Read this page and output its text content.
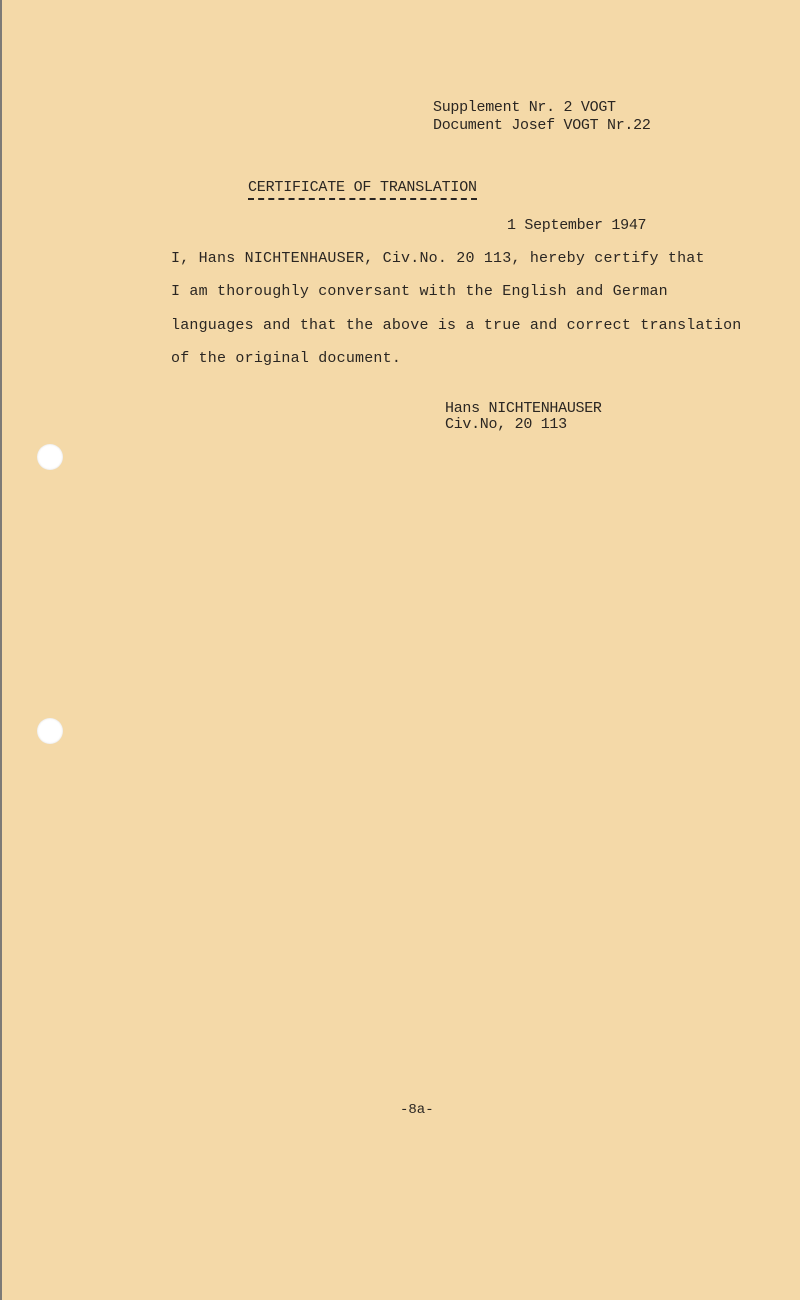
Supplement Nr. 2 VOGT
Document Josef VOGT Nr.22
CERTIFICATE OF TRANSLATION
1 September 1947
I, Hans NICHTENHAUSER, Civ.No. 20 113, hereby certify that
I am thoroughly conversant with the English and German
languages and that the above is a true and correct translation
of the original document.
Hans NICHTENHAUSER
Civ.No, 20 113
-8a-
